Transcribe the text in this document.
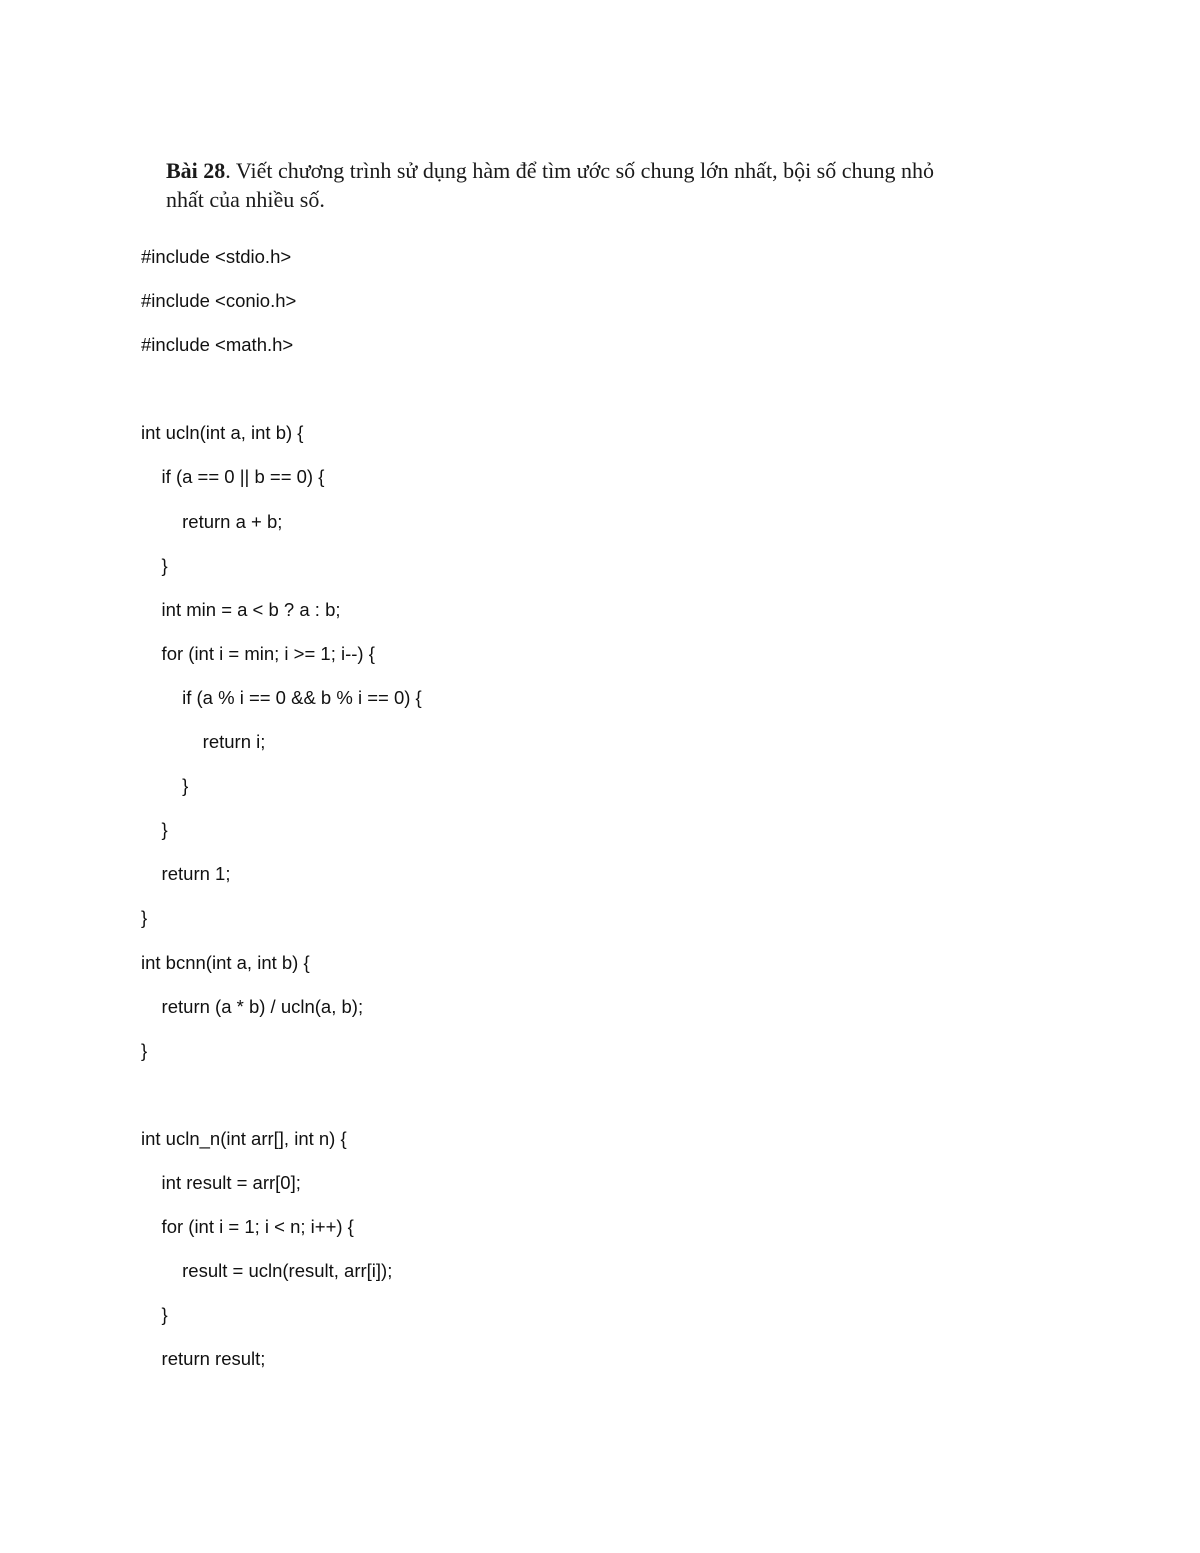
Bài 28. Viết chương trình sử dụng hàm để tìm ước số chung lớn nhất, bội số chung nhỏ
nhất của nhiều số.
#include <stdio.h>
#include <conio.h>
#include <math.h>
int ucln(int a, int b) {
if (a == 0 || b == 0) {
return a + b;
}
int min = a < b ? a : b;
for (int i = min; i >= 1; i--) {
if (a % i == 0 && b % i == 0) {
return i;
}
}
return 1;
}
int bcnn(int a, int b) {
return (a * b) / ucln(a, b);
}
int ucln_n(int arr[], int n) {
int result = arr[0];
for (int i = 1; i < n; i++) {
result = ucln(result, arr[i]);
}
return result;
